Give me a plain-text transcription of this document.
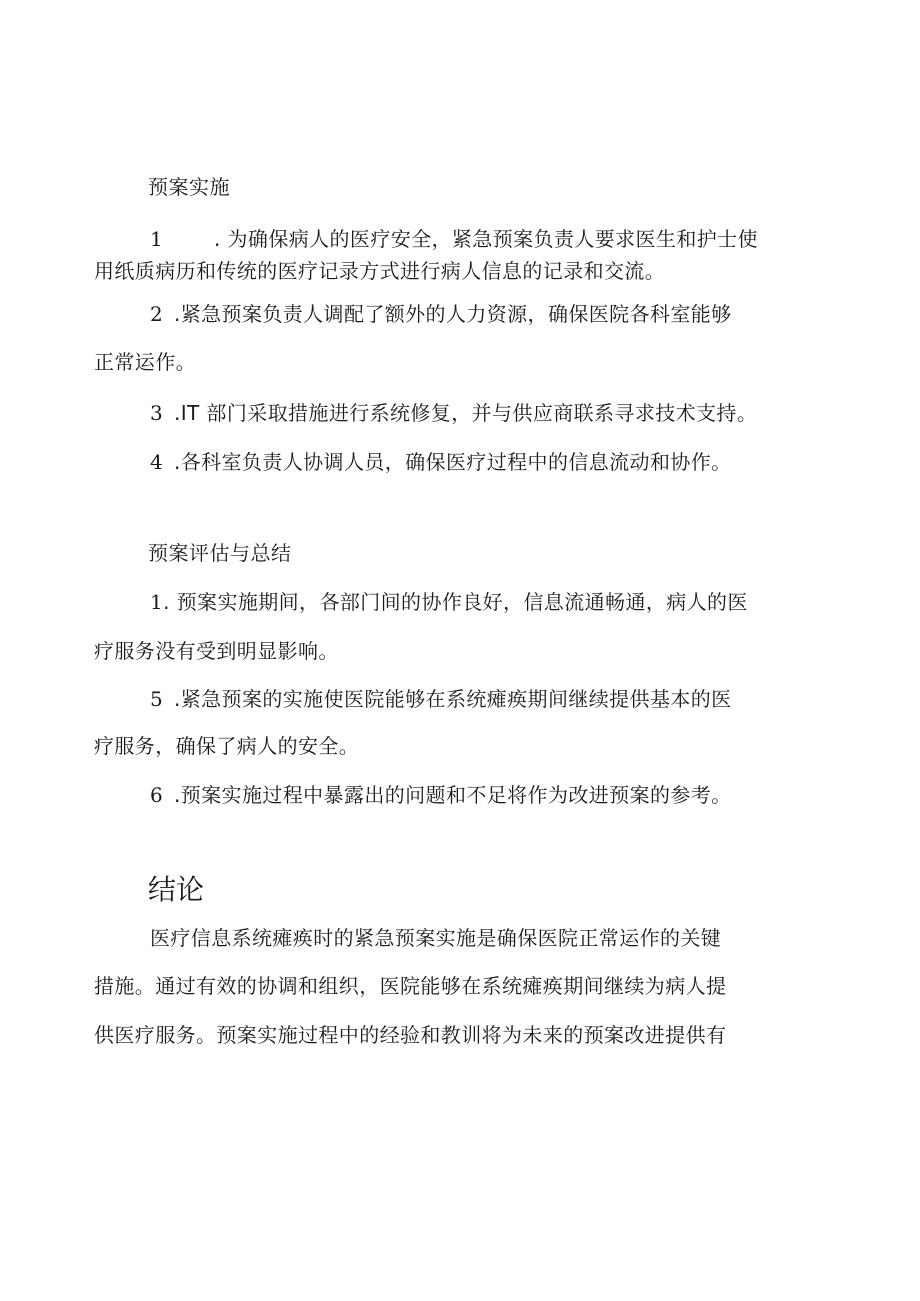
预案实施
1	. 为确保病人的医疗安全，紧急预案负责人要求医生和护士使
用纸质病历和传统的医疗记录方式进行病人信息的记录和交流。
2 .紧急预案负责人调配了额外的人力资源，确保医院各科室能够
正常运作。
3 .IT 部门采取措施进行系统修复，并与供应商联系寻求技术支持。
4 .各科室负责人协调人员，确保医疗过程中的信息流动和协作。
预案评估与总结
1. 预案实施期间，各部门间的协作良好，信息流通畅通，病人的医
疗服务没有受到明显影响。
5 .紧急预案的实施使医院能够在系统瘫痪期间继续提供基本的医
疗服务，确保了病人的安全。
6 .预案实施过程中暴露出的问题和不足将作为改进预案的参考。
结论
医疗信息系统瘫痪时的紧急预案实施是确保医院正常运作的关键
措施。通过有效的协调和组织，医院能够在系统瘫痪期间继续为病人提
供医疗服务。预案实施过程中的经验和教训将为未来的预案改进提供有
